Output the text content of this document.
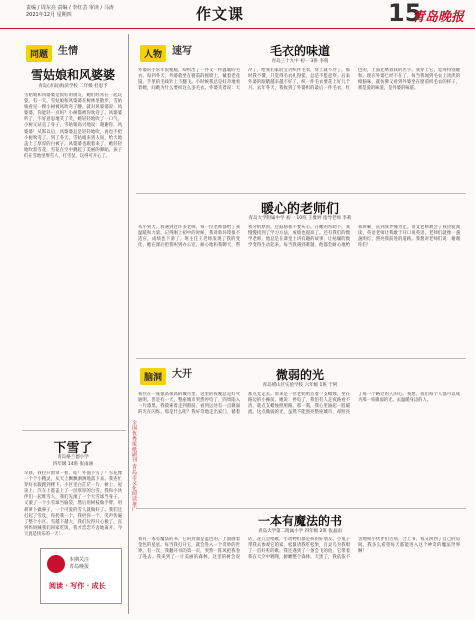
责编 / 周东亮 责编 / 李红芸 审读 / 马涛
2021年12月 星期四	作文课	15
青岛晚报
同题 生情
雪姑娘和风婆婆
青岛(市南)海滨学校 二年级 杜思予
雪姑娘和风婆婆是很好的朋友，她们经常在一起玩耍。有一天，雪姑娘和风婆婆在树林里散步，雪姑娘看见一棵小树被风吹弯了腰，就对风婆婆说：风婆婆，你能轻一点吗？小树都被你吹弯了。风婆婆听了，不好意思地笑了笑，她轻轻地吹了一口气，小树又站直了身子。雪姑娘高兴地说：谢谢你，风婆婆！从那以后，风婆婆总是轻轻地吹，再也不把小树吹弯了。到了冬天，雪姑娘来到人间，给大地盖上了厚厚的白被子。风婆婆也跟着来了，她轻轻地吹着雪花，雪花在空中跳起了美丽的舞蹈。孩子们在雪地里堆雪人、打雪仗，玩得可开心了。
下雪了
青岛格兰德小学
四年级 14班 张雨涵
早晨，我拉开窗帘一看，哇！外面下雪了！雪花像一个个小精灵，从天上飘飘洒洒地落下来。我连忙穿好衣服跑到楼下。小区里白茫茫一片，树上、屋顶上、汽车上都盖上了一层厚厚的白雪。我和小伙伴们一起堆雪人，我们先滚了一个大雪球当身子，又滚了一个小雪球当脑袋，然后用树枝做手臂，用胡萝卜做鼻子，一个可爱的雪人就做好了。我们还打起了雪仗，你扔我一个，我扔你一个，笑声传遍了整个小区。雪越下越大，我们玩得开心极了，直到妈妈喊我们回家吃饭，我才恋恋不舍地离开。今天真是快乐的一天！
本期关注
青岛晚报
阅读 · 写作 · 成长
人物 速写	毛衣的味道
青岛三十九中 初一 3班 李萌
外婆的手常年很粗糙，却织出了一件又一件温暖的毛衣。每到冬天，外婆就坐在窗前的摇椅上，戴着老花镜，手里的毛线针上下翻飞。小时候我总是好奇地看着她，问她为什么要织这么多毛衣。外婆笑着说：天冷了，给我们家的宝贝织件毛衣，穿上就不冷了。那时我不懂，只觉得毛衣扎得慌，总是不愿意穿。后来外婆的眼睛越来越不好了，织一件毛衣要花上好几个月。去年冬天，我收到了外婆织的最后一件毛衣，红色的，上面还绣着我的名字。我穿上它，觉得特别暖和。现在外婆已经不在了，每当我闻到毛衣上淡淡的樟脑味，就仿佛又看到外婆坐在窗前织毛衣的样子。那是爱的味道，是外婆的味道。
暖心的老师们
青岛大学附属中学 初一 10班 王雅婷 指导老师 李莉
从小到大，我遇到过许多老师，每一位老师都给了我温暖和力量。记得刚上初中的时候，我对新环境很不适应，成绩也下滑了。班主任王老师发现了我的变化，她在课后把我叫到办公室，耐心地和我聊天，帮我分析原因，还鼓励我不要灰心。在她的帮助下，我慢慢找到了学习方法，成绩也提高了。还有我们的数学老师，他总是在课堂上讲有趣的故事，让枯燥的数学变得生动起来。每当我遇到难题，他都会耐心地给我讲解，直到我弄懂为止。语文老师教会了我热爱阅读，英语老师让我敢于开口说英语。老师们就像一盏盏明灯，照亮我前进的道路。我想对老师们说：谢谢你们！
脑洞 大开	微弱的光
青岛崂山区实验学校 六年级 1班 于阿
我住在一座很高很高的城市里，这里的夜晚总是灯火通明。但是有一天，整座城市突然停电了，四周陷入一片漆黑。我摸索着走到窗前，看到远处有一点微弱的光在闪烁。那是什么呢？我好奇地走出家门，循着那点光走去。原来是一位老奶奶点着一支蜡烛，坐在路边的小摊前。她说：停电了，我怕有人走夜路看不清，就点支蜡烛照照路。那一刻，我心里涌起一股暖流。这点微弱的光，虽然不能照亮整座城市，却照亮了每一个路过的人的心。我想，我们每个人都可以成为那一束微弱的光，去温暖身边的人。
一本有魔法的书
青岛大学第二附属小学 四年级 2班 张晶雨
我有一本有魔法的书，它的封面是蓝色的，上面画着金色的星星。每当我打开它，就会进入一个奇妙的世界。有一次，我翻开书的第一页，突然一阵风把我卷了进去。我来到了一片美丽的森林，这里的树会说话，花儿会唱歌，小动物们都是我的好朋友。小兔子带我去参观它的家，松鼠请我吃松果，百灵鸟为我唱了一首好听的歌。我还遇到了一条会飞的鱼，它带着我在天空中翱翔，俯瞰整个森林。天黑了，我依依不舍地和小伙伴们告别，合上书，我又回到了自己的房间。我多么希望每天都能进入这个神奇的魔法世界啊！
全国优秀报纸副刊·青岛市文化阅读推广
